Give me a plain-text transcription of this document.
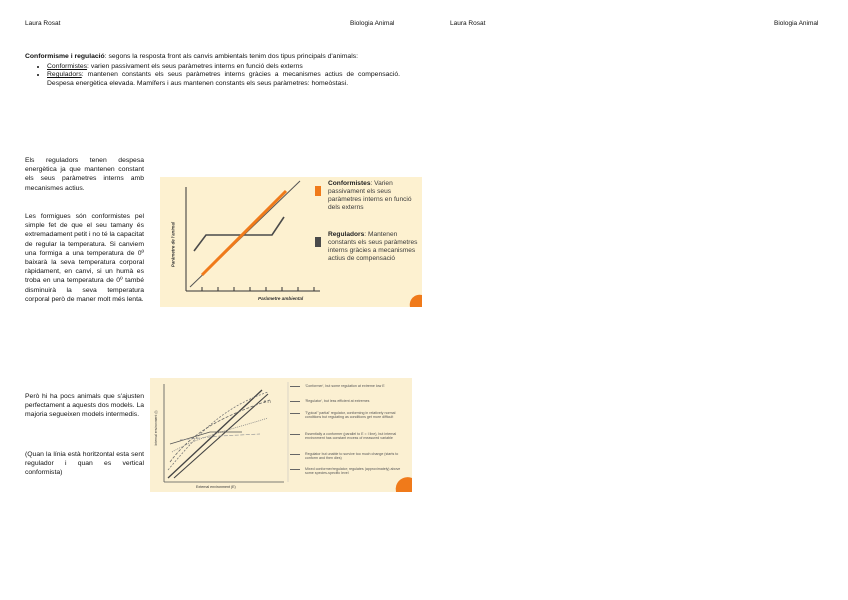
Laura Rosat	Biologia Animal	Laura Rosat	Biologia Animal
Conformisme i regulació: segons la resposta front als canvis ambientals tenim dos tipus principals d'animals:
• Conformistes: varien passivament els seus paràmetres interns en funció dels externs
• Reguladors: mantenen constants els seus paràmetres interns gràcies a mecanismes actius de compensació. Despesa energètica elevada. Mamífers i aus mantenen constants els seus paràmetres: homeòstasi.

Els reguladors tenen despesa energètica ja que mantenen constant els seus paràmetres interns amb mecanismes actius.

Les formigues són conformistes pel simple fet de que el seu tamany és extremadament petit i no té la capacitat de regular la temperatura. Si canviem una formiga a una temperatura de 0º baixarà la seva temperatura corporal ràpidament, en canvi, si un humà es troba en una temperatura de 0º també disminuirà la seva temperatura corporal però de maner molt més lenta.

Però hi ha pocs animals que s'ajusten perfectament a aquests dos models. La majoria segueixen models intermedis.

(Quan la línia està horitzontal esta sent regulador i quan es vertical conformista)

Paràmetre de l'animal
Paràmetre ambiental
Conformistes: Varien passivament els seus paràmetres interns en funció dels externs
Reguladors: Mantenen constants els seus paràmetres interns gràcies a mecanismes actius de compensació
E = I
Internal environment (I)
External environment (E)
'Conformer', but some regulation at extreme low E
'Regulator', but less efficient at extremes
'Typical' 'partial' regulator, conforming in relatively normal conditions but regulating as conditions get more difficult
Essentially a conformer (parallel to E = I line), but internal environment has constant excess of measured variable
Regulator but unable to survive too much change (starts to conform and then dies)
Mixed conformer/regulator; regulates (approximately) above some species-specific level
